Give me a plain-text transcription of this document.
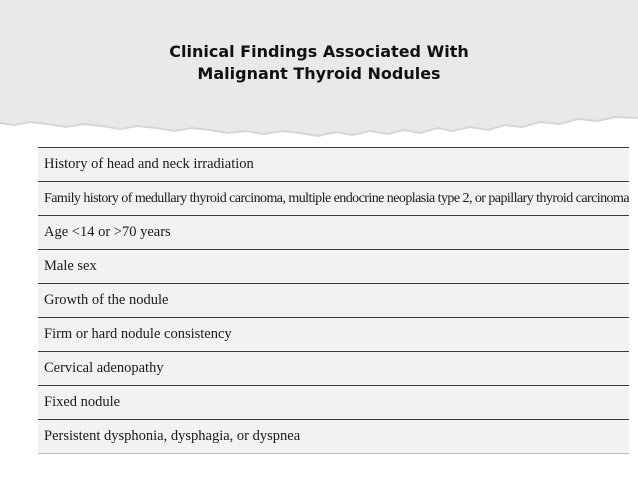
Clinical Findings Associated With
Malignant Thyroid Nodules
History of head and neck irradiation
Family history of medullary thyroid carcinoma, multiple endocrine neoplasia type 2, or papillary thyroid carcinoma
Age <14 or >70 years
Male sex
Growth of the nodule
Firm or hard nodule consistency
Cervical adenopathy
Fixed nodule
Persistent dysphonia, dysphagia, or dyspnea
